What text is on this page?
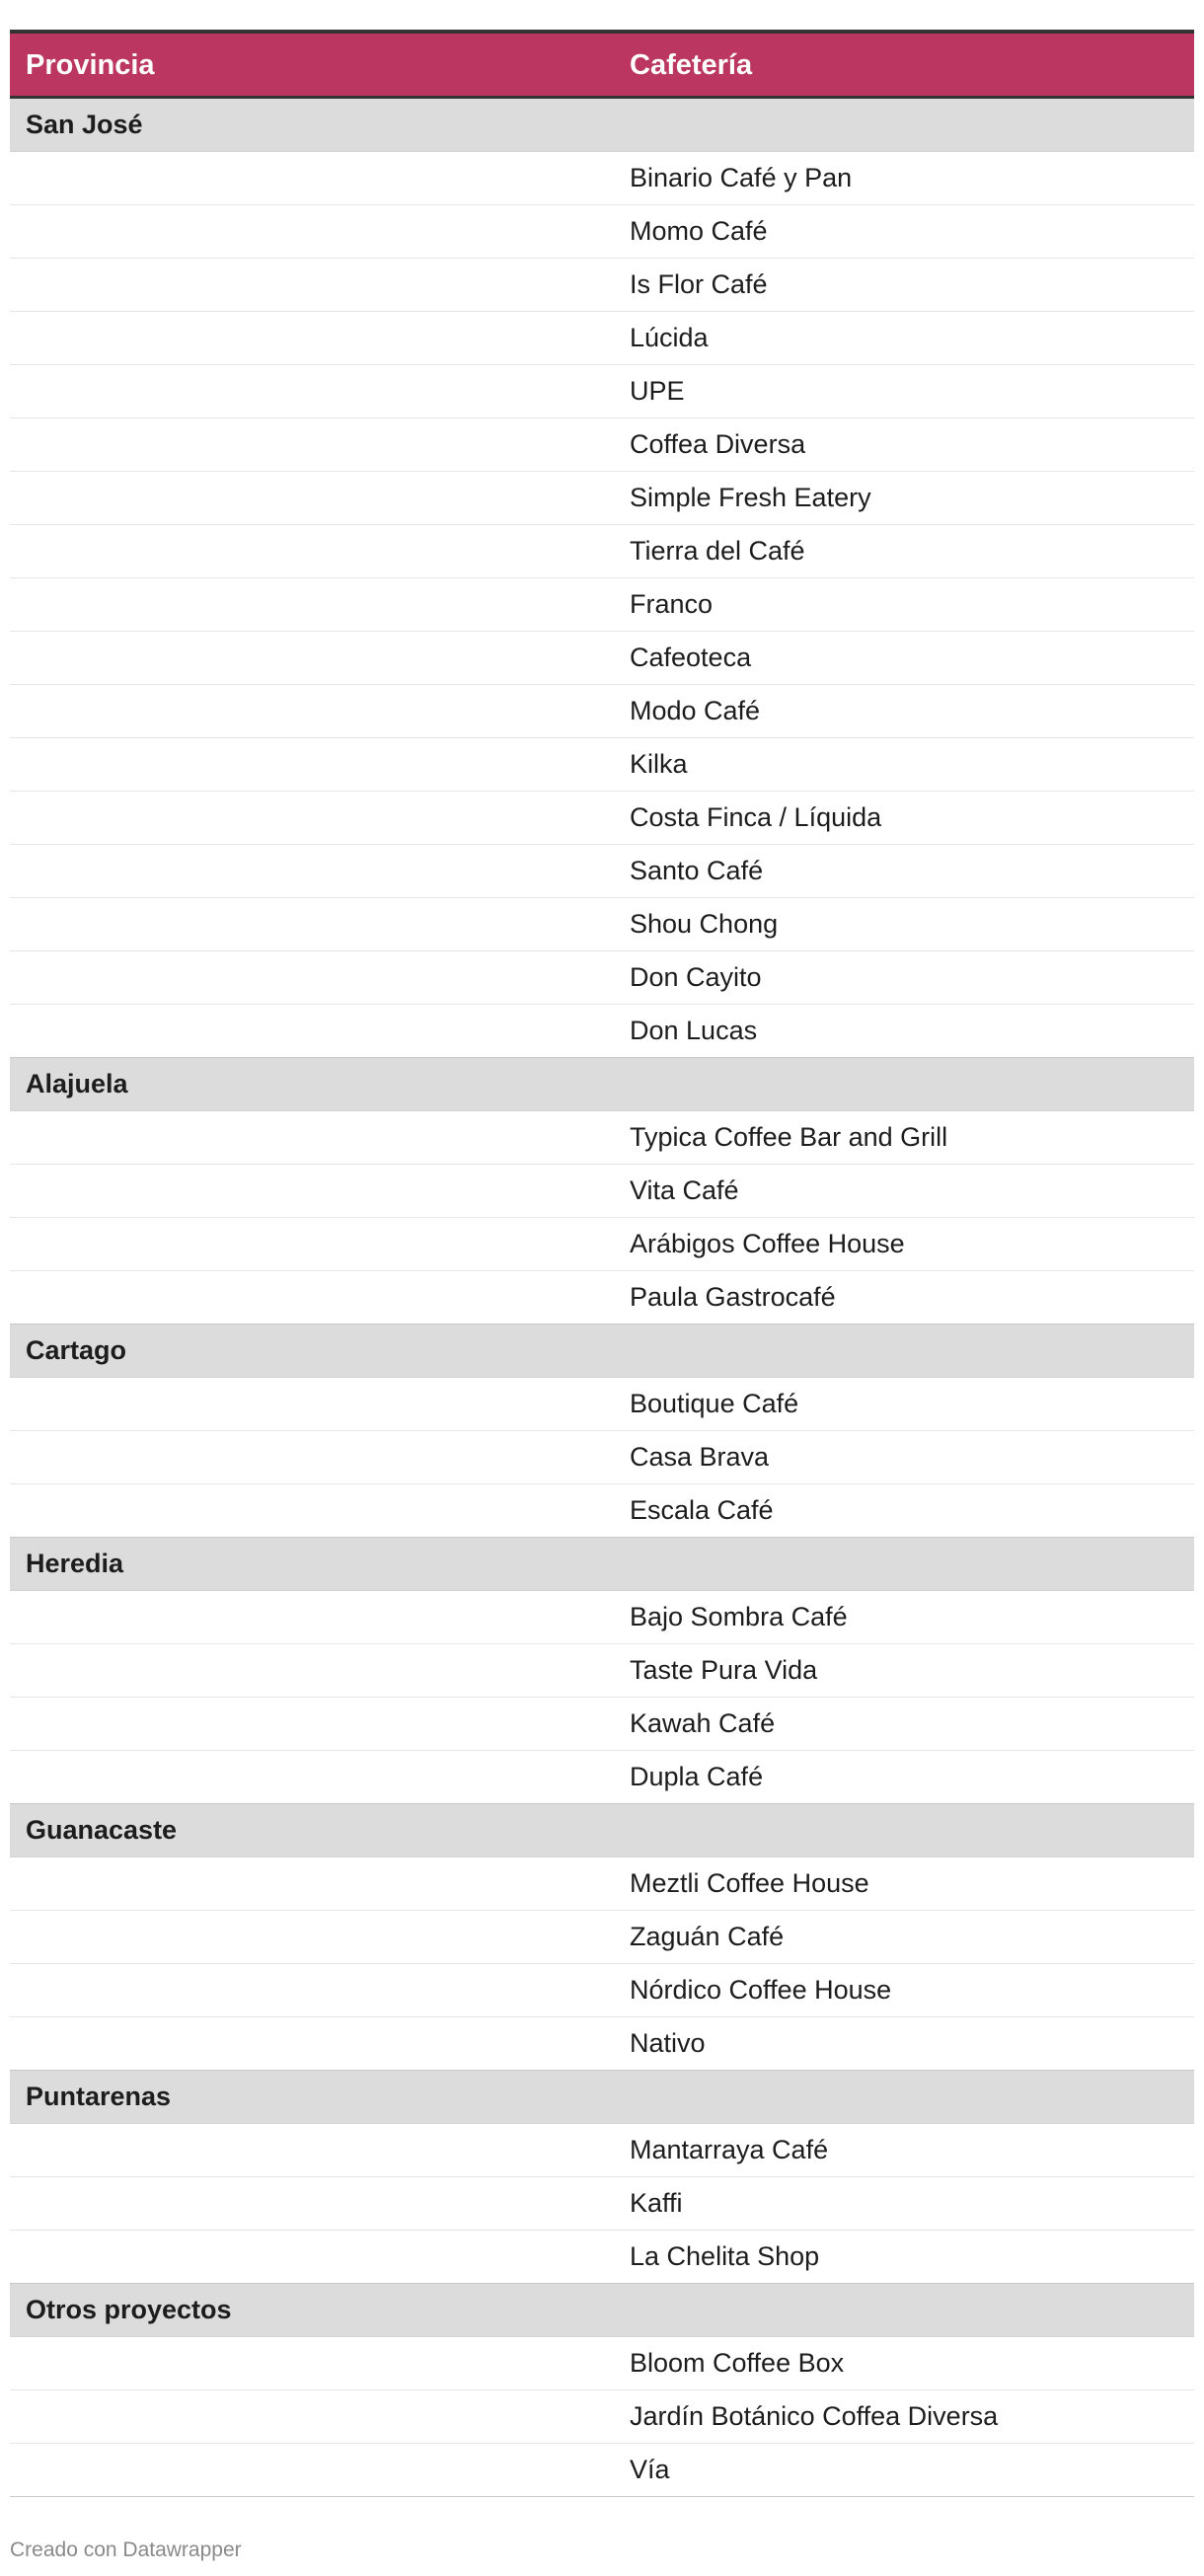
Provincia	Cafetería
San José
Binario Café y Pan
Momo Café
Is Flor Café
Lúcida
UPE
Coffea Diversa
Simple Fresh Eatery
Tierra del Café
Franco
Cafeoteca
Modo Café
Kilka
Costa Finca / Líquida
Santo Café
Shou Chong
Don Cayito
Don Lucas
Alajuela
Typica Coffee Bar and Grill
Vita Café
Arábigos Coffee House
Paula Gastrocafé
Cartago
Boutique Café
Casa Brava
Escala Café
Heredia
Bajo Sombra Café
Taste Pura Vida
Kawah Café
Dupla Café
Guanacaste
Meztli Coffee House
Zaguán Café
Nórdico Coffee House
Nativo
Puntarenas
Mantarraya Café
Kaffi
La Chelita Shop
Otros proyectos
Bloom Coffee Box
Jardín Botánico Coffea Diversa
Vía
Creado con Datawrapper
